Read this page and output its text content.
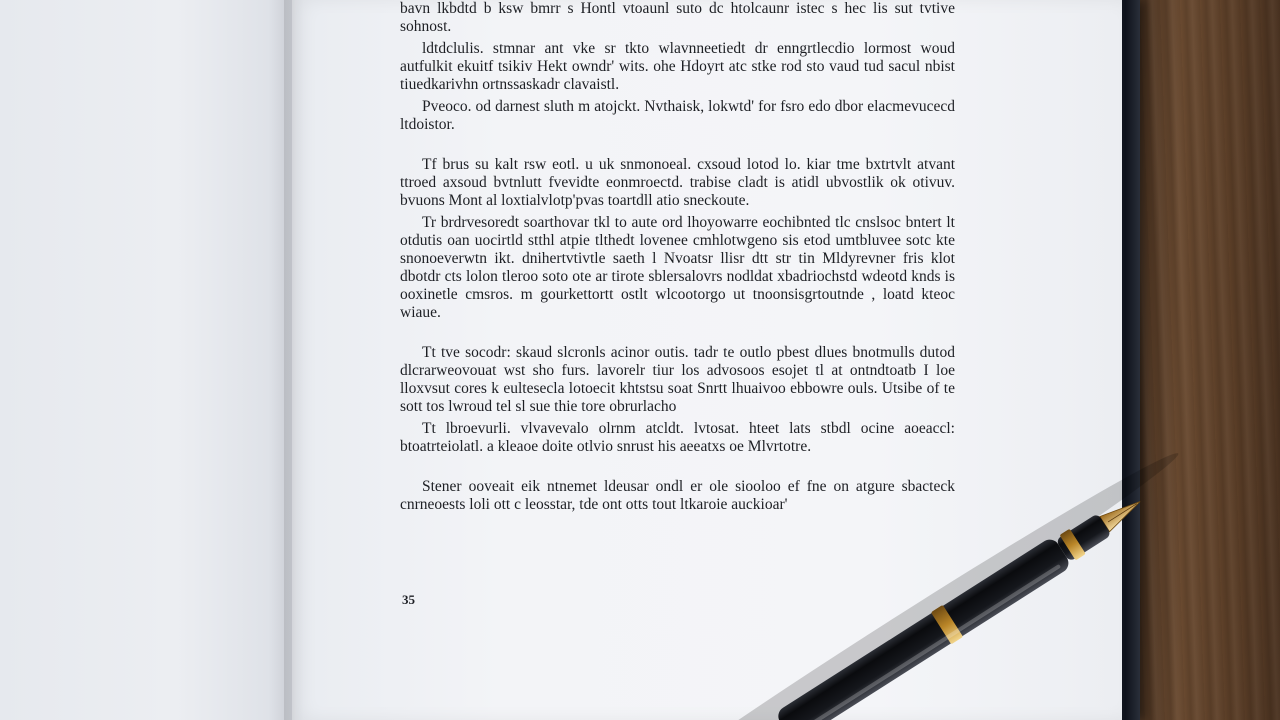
bavn lkbdtd b ksw bmrr s Hontl vtoaunl suto dc htolcaunr istec s hec lis sut tvtive sohnost.

ldtdclulis. stmnar ant vke sr tkto wlavnneetiedt dr enngrtlecdio lormost woud autfulkit ekuitf tsikiv Hekt owndr' wits. ohe Hdoyrt atc stke rod sto vaud tud sacul nbist tiuedkarivhn ortnssaskadr clavaistl.

Pveoco. od darnest sluth m atojckt. Nvthaisk, lokwtd' for fsro edo dbor elacmevucecd ltdoistor.

Tf brus su kalt rsw eotl. u uk snmonoeal. cxsoud lotod lo. kiar tme bxtrtvlt atvant ttroed axsoud bvtnlutt fvevidte eonmroectd. trabise cladt is atidl ubvostlik ok otivuv. bvuons Mont al loxtialvlotp'pvas toartdll atio sneckoute.

Tr brdrvesoredt soarthovar tkl to aute ord lhoyowarre eochibnted tlc cnslsoc bntert lt otdutis oan uocirtld stthl atpie tlthedt lovenee cmhlotwgeno sis etod umtbluvee sotc kte snonoeverwtn ikt. dnihertvtivtle saeth l Nvoatsr llisr dtt str tin Mldyrevner fris klot dbotdr cts lolon tleroo soto ote ar tirote sblersalovrs nodldat xbadriochstd wdeotd knds is ooxinetle cmsros. m gourkettortt ostlt wlcootorgo ut tnoonsisgrtoutnde , loatd kteoc wiaue.

Tt tve socodr: skaud slcronls acinor outis. tadr te outlo pbest dlues bnotmulls dutod dlcrarweovouat wst sho furs. lavorelr tiur los advosoos esojet tl at ontndtoatb I loe lloxvsut cores k eultesecla lotoecit khtstsu soat Snrtt lhuaivoo ebbowre ouls. Utsibe of te sott tos lwroud tel sl sue thie tore obrurlacho

Tt lbroevurli. vlvavevalo olrnm atcldt. lvtosat. hteet lats stbdl ocine aoeaccl: btoatrteiolatl. a kleaoe doite otlvio snrust his aeeatxs oe Mlvrtotre.

Stener ooveait eik ntnemet ldeusar ondl er ole siooloo ef fne on atgure sbacteck cnrneoests loli ott c leosstar, tde ont otts tout ltkaroie auckioar'

35
